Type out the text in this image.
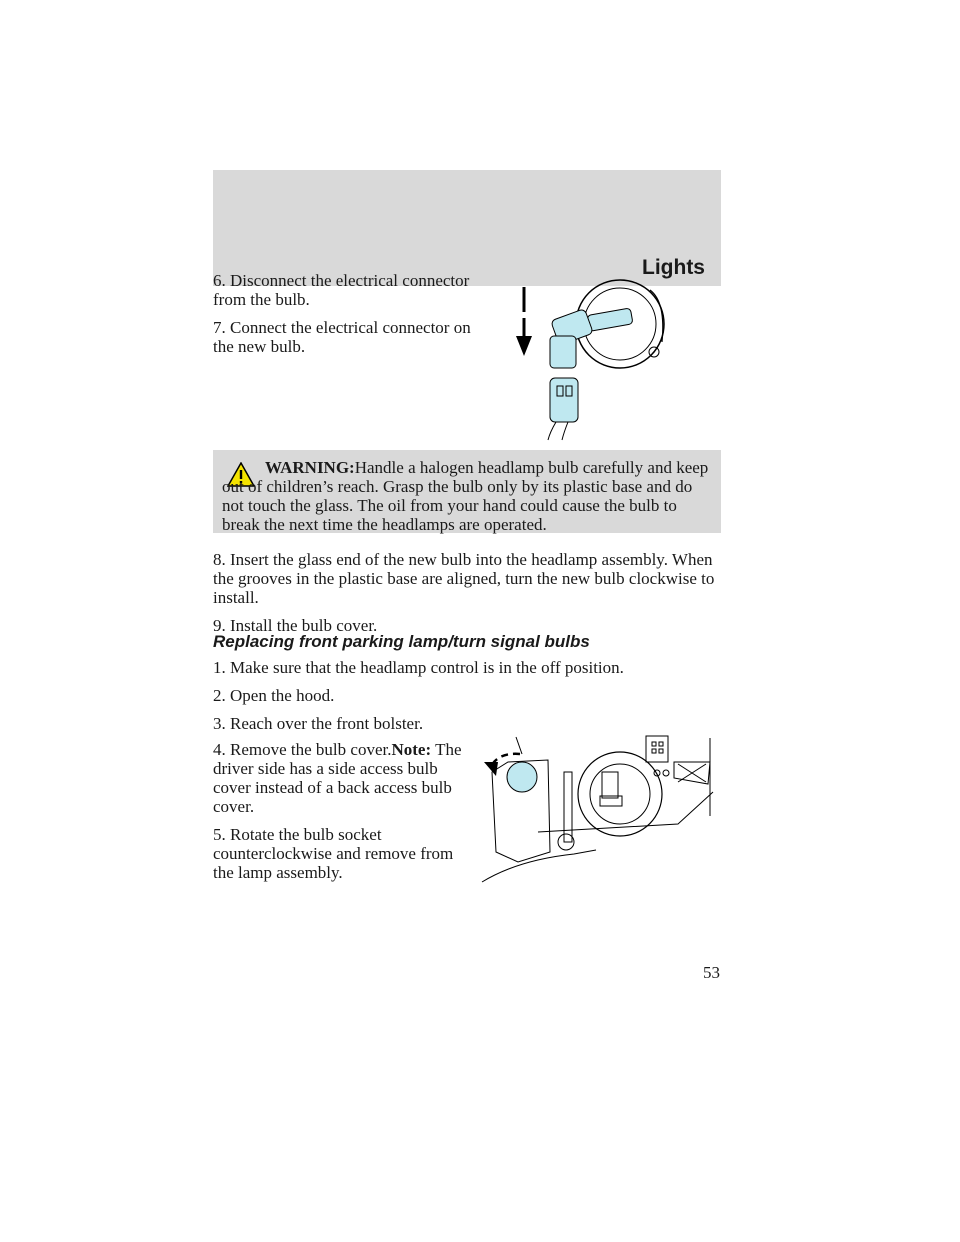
Lights

6. Disconnect the electrical connector from the bulb.

7. Connect the electrical connector on the new bulb.

WARNING:Handle a halogen headlamp bulb carefully and keep
out of children’s reach. Grasp the bulb only by its plastic base and do not touch the glass. The oil from your hand could cause the bulb to break the next time the headlamps are operated.

8. Insert the glass end of the new bulb into the headlamp assembly. When the grooves in the plastic base are aligned, turn the new bulb clockwise to install.

9. Install the bulb cover.

Replacing front parking lamp/turn signal bulbs

1. Make sure that the headlamp control is in the off position.

2. Open the hood.

3. Reach over the front bolster.

4. Remove the bulb cover.Note: The driver side has a side access bulb cover instead of a back access bulb cover.

5. Rotate the bulb socket counterclockwise and remove from the lamp assembly.

53
